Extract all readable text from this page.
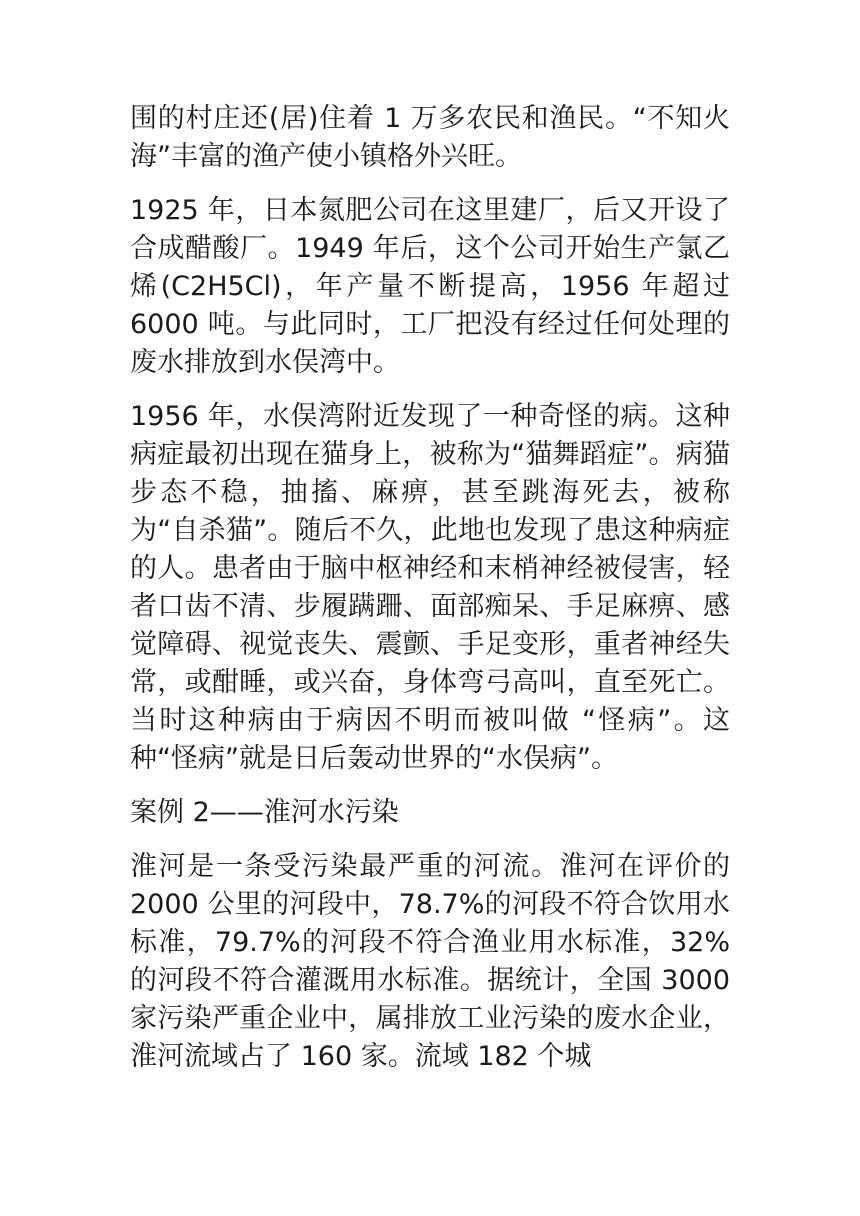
围的村庄还(居)住着 1 万多农民和渔民。“不知火海”丰富的渔产使小镇格外兴旺。

1925 年，日本氮肥公司在这里建厂，后又开设了合成醋酸厂。1949 年后，这个公司开始生产氯乙烯(C2H5Cl)，年产量不断提高，1956 年超过 6000 吨。与此同时，工厂把没有经过任何处理的废水排放到水俣湾中。

1956 年，水俣湾附近发现了一种奇怪的病。这种病症最初出现在猫身上，被称为“猫舞蹈症”。病猫步态不稳，抽搐、麻痹，甚至跳海死去，被称为“自杀猫”。随后不久，此地也发现了患这种病症的人。患者由于脑中枢神经和末梢神经被侵害，轻者口齿不清、步履蹒跚、面部痴呆、手足麻痹、感觉障碍、视觉丧失、震颤、手足变形，重者神经失常，或酣睡，或兴奋，身体弯弓高叫，直至死亡。当时这种病由于病因不明而被叫做 “怪病”。这种“怪病”就是日后轰动世界的“水俣病”。

案例 2——淮河水污染

淮河是一条受污染最严重的河流。淮河在评价的 2000 公里的河段中，78.7%的河段不符合饮用水标准，79.7%的河段不符合渔业用水标准，32%的河段不符合灌溉用水标准。据统计，全国 3000 家污染严重企业中，属排放工业污染的废水企业，淮河流域占了 160 家。流域 182 个城
